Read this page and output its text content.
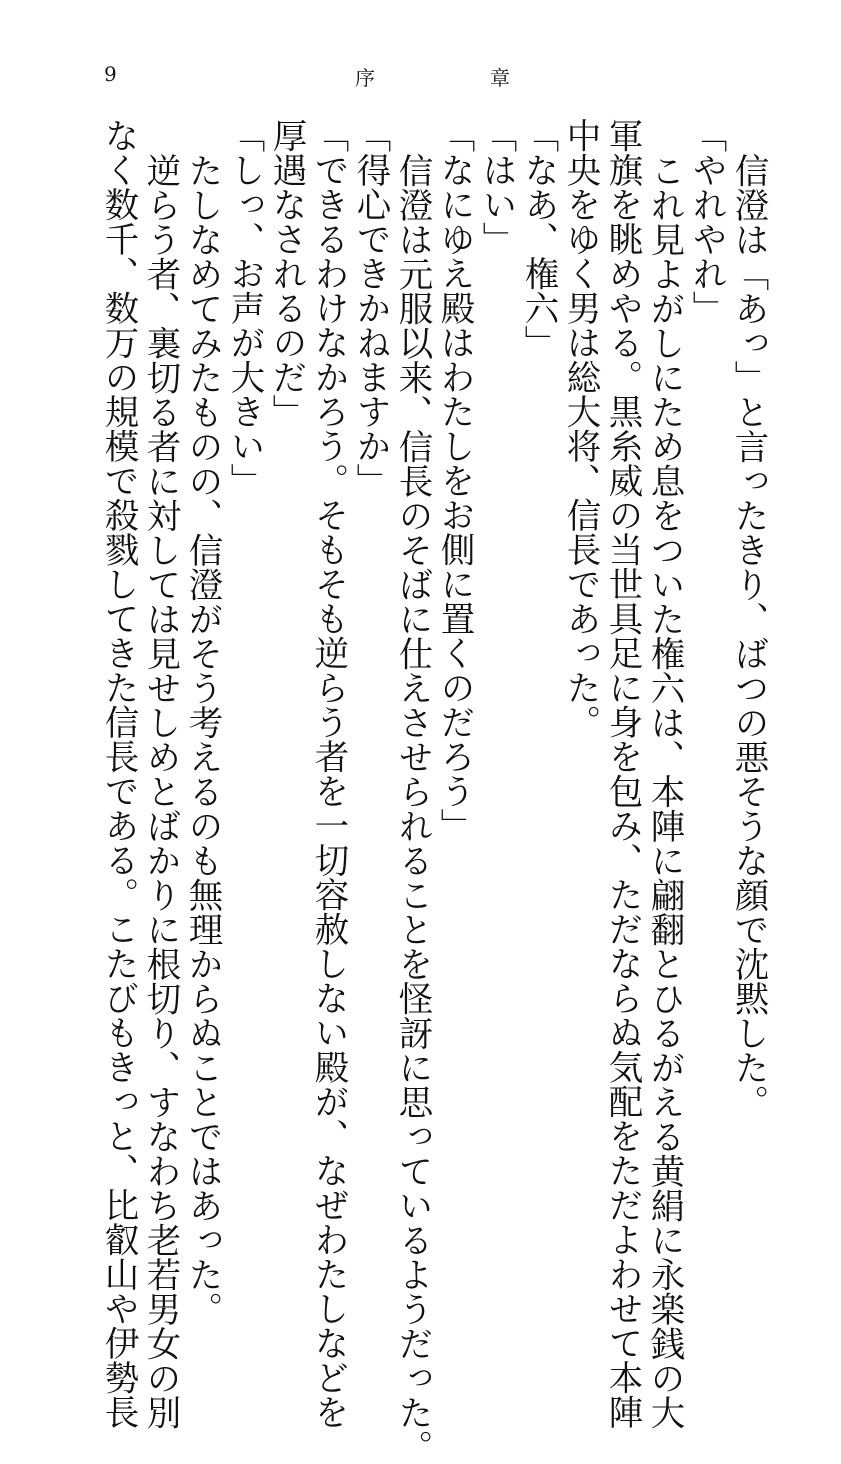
9	序章
信澄は「あっ」と言ったきり、ばつの悪そうな顔で沈黙した。
「やれやれ」
これ見よがしにため息をついた権六は、本陣に翩翻とひるがえる黄絹に永楽銭の大
軍旗を眺めやる。黒糸威の当世具足に身を包み、ただならぬ気配をただよわせて本陣
中央をゆく男は総大将、信長であった。
「なあ、権六」
「はい」
「なにゆえ殿はわたしをお側に置くのだろう」
信澄は元服以来、信長のそばに仕えさせられることを怪訝に思っているようだった。
「得心できかねますか」
「できるわけなかろう。そもそも逆らう者を一切容赦しない殿が、なぜわたしなどを
厚遇なされるのだ」
「しっ、お声が大きい」
たしなめてみたものの、信澄がそう考えるのも無理からぬことではあった。
逆らう者、裏切る者に対しては見せしめとばかりに根切り、すなわち老若男女の別
なく数千、数万の規模で殺戮してきた信長である。こたびもきっと、比叡山や伊勢長
